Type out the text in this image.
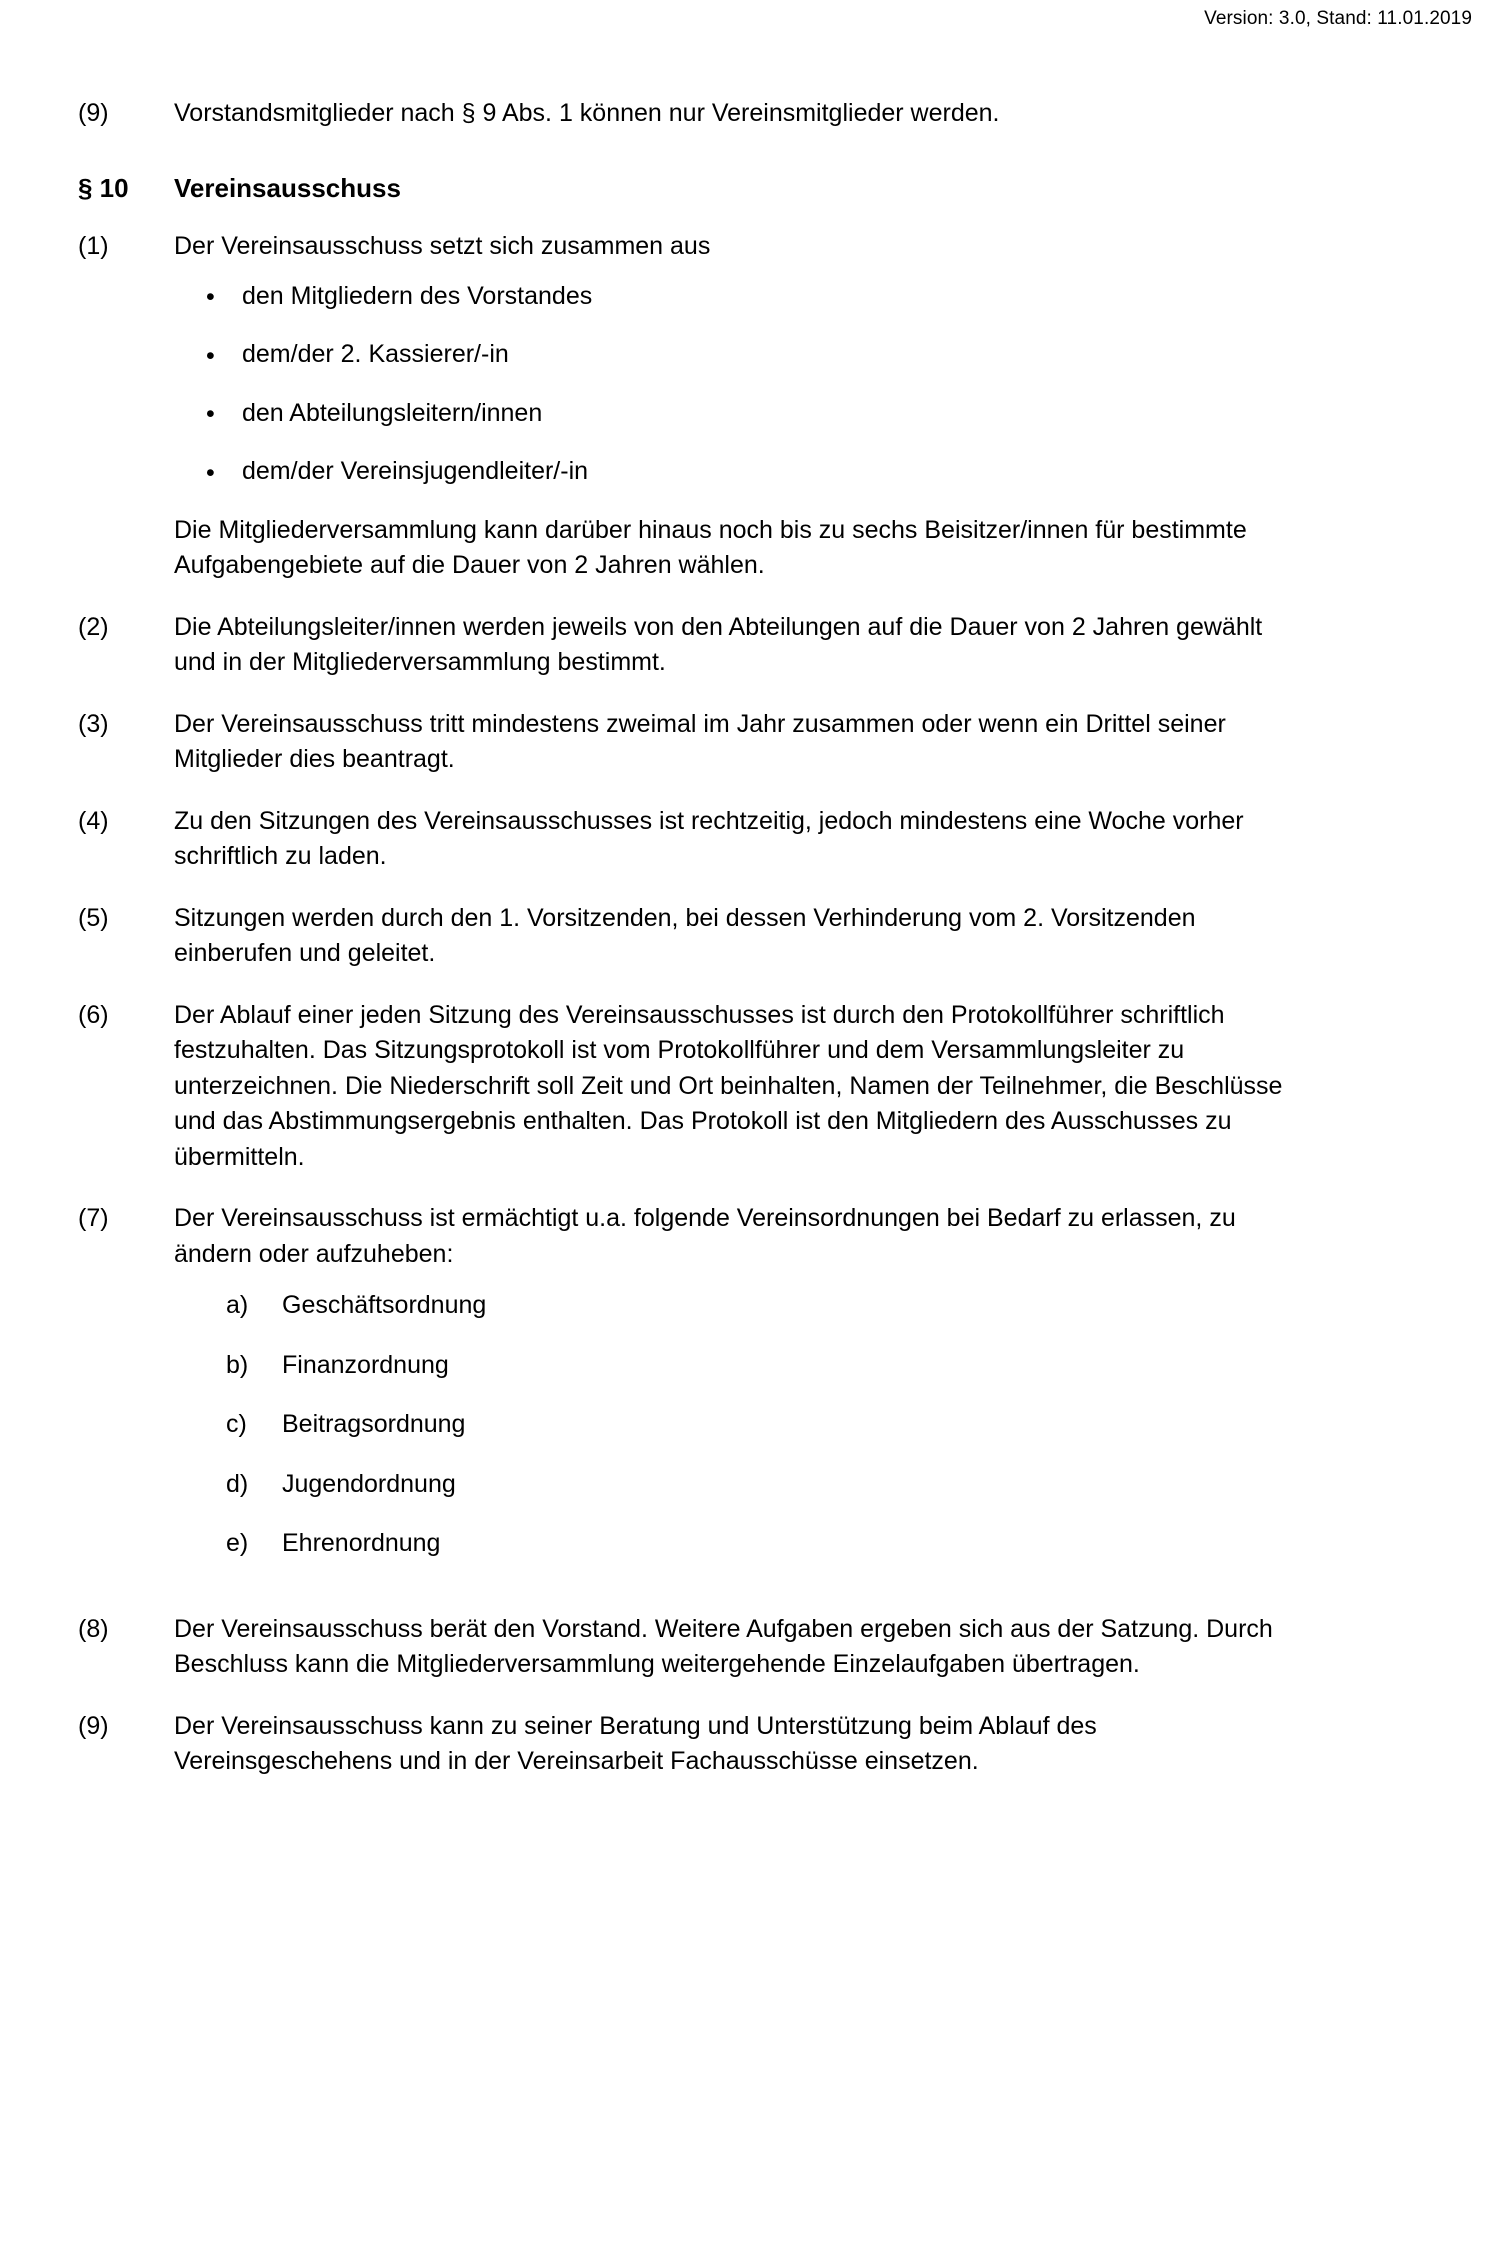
Version: 3.0, Stand: 11.01.2019
(9)	Vorstandsmitglieder nach § 9 Abs. 1 können nur Vereinsmitglieder werden.
§ 10	Vereinsausschuss
(1)	Der Vereinsausschuss setzt sich zusammen aus
• den Mitgliedern des Vorstandes
• dem/der 2. Kassierer/-in
• den Abteilungsleitern/innen
• dem/der Vereinsjugendleiter/-in
Die Mitgliederversammlung kann darüber hinaus noch bis zu sechs Beisitzer/innen für bestimmte Aufgabengebiete auf die Dauer von 2 Jahren wählen.
(2)	Die Abteilungsleiter/innen werden jeweils von den Abteilungen auf die Dauer von 2 Jahren gewählt und in der Mitgliederversammlung bestimmt.
(3)	Der Vereinsausschuss tritt mindestens zweimal im Jahr zusammen oder wenn ein Drittel seiner Mitglieder dies beantragt.
(4)	Zu den Sitzungen des Vereinsausschusses ist rechtzeitig, jedoch mindestens eine Woche vorher schriftlich zu laden.
(5)	Sitzungen werden durch den 1. Vorsitzenden, bei dessen Verhinderung vom 2. Vorsitzenden einberufen und geleitet.
(6)	Der Ablauf einer jeden Sitzung des Vereinsausschusses ist durch den Protokollführer schriftlich festzuhalten. Das Sitzungsprotokoll ist vom Protokollführer und dem Versammlungsleiter zu unterzeichnen. Die Niederschrift soll Zeit und Ort beinhalten, Namen der Teilnehmer, die Beschlüsse und das Abstimmungsergebnis enthalten. Das Protokoll ist den Mitgliedern des Ausschusses zu übermitteln.
(7)	Der Vereinsausschuss ist ermächtigt u.a. folgende Vereinsordnungen bei Bedarf zu erlassen, zu ändern oder aufzuheben:
a)	Geschäftsordnung
b)	Finanzordnung
c)	Beitragsordnung
d)	Jugendordnung
e)	Ehrenordnung
(8)	Der Vereinsausschuss berät den Vorstand. Weitere Aufgaben ergeben sich aus der Satzung. Durch Beschluss kann die Mitgliederversammlung weitergehende Einzelaufgaben übertragen.
(9)	Der Vereinsausschuss kann zu seiner Beratung und Unterstützung beim Ablauf des Vereinsgeschehens und in der Vereinsarbeit Fachausschüsse einsetzen.
